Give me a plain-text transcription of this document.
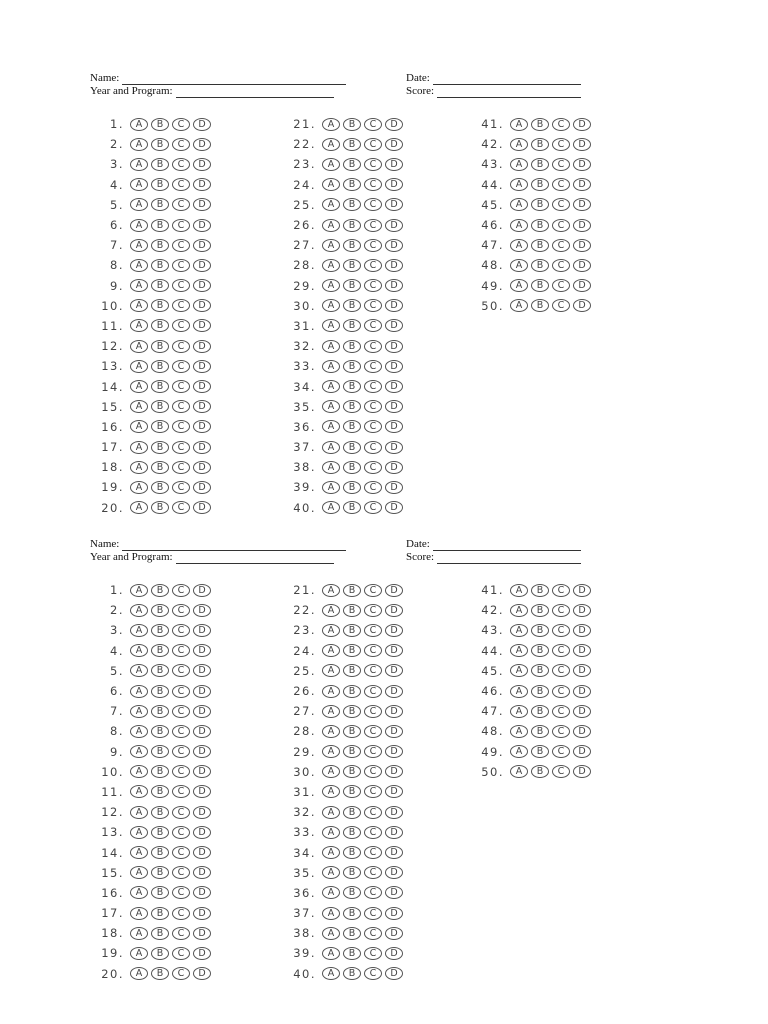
Name:
Year and Program:
Date:
Score:
1.	A	B	C	D
2.	A	B	C	D
3.	A	B	C	D
4.	A	B	C	D
5.	A	B	C	D
6.	A	B	C	D
7.	A	B	C	D
8.	A	B	C	D
9.	A	B	C	D
10.	A	B	C	D
11.	A	B	C	D
12.	A	B	C	D
13.	A	B	C	D
14.	A	B	C	D
15.	A	B	C	D
16.	A	B	C	D
17.	A	B	C	D
18.	A	B	C	D
19.	A	B	C	D
20.	A	B	C	D
21.	A	B	C	D
22.	A	B	C	D
23.	A	B	C	D
24.	A	B	C	D
25.	A	B	C	D
26.	A	B	C	D
27.	A	B	C	D
28.	A	B	C	D
29.	A	B	C	D
30.	A	B	C	D
31.	A	B	C	D
32.	A	B	C	D
33.	A	B	C	D
34.	A	B	C	D
35.	A	B	C	D
36.	A	B	C	D
37.	A	B	C	D
38.	A	B	C	D
39.	A	B	C	D
40.	A	B	C	D
41.	A	B	C	D
42.	A	B	C	D
43.	A	B	C	D
44.	A	B	C	D
45.	A	B	C	D
46.	A	B	C	D
47.	A	B	C	D
48.	A	B	C	D
49.	A	B	C	D
50.	A	B	C	D
Name:
Year and Program:
Date:
Score:
1.	A	B	C	D
2.	A	B	C	D
3.	A	B	C	D
4.	A	B	C	D
5.	A	B	C	D
6.	A	B	C	D
7.	A	B	C	D
8.	A	B	C	D
9.	A	B	C	D
10.	A	B	C	D
11.	A	B	C	D
12.	A	B	C	D
13.	A	B	C	D
14.	A	B	C	D
15.	A	B	C	D
16.	A	B	C	D
17.	A	B	C	D
18.	A	B	C	D
19.	A	B	C	D
20.	A	B	C	D
21.	A	B	C	D
22.	A	B	C	D
23.	A	B	C	D
24.	A	B	C	D
25.	A	B	C	D
26.	A	B	C	D
27.	A	B	C	D
28.	A	B	C	D
29.	A	B	C	D
30.	A	B	C	D
31.	A	B	C	D
32.	A	B	C	D
33.	A	B	C	D
34.	A	B	C	D
35.	A	B	C	D
36.	A	B	C	D
37.	A	B	C	D
38.	A	B	C	D
39.	A	B	C	D
40.	A	B	C	D
41.	A	B	C	D
42.	A	B	C	D
43.	A	B	C	D
44.	A	B	C	D
45.	A	B	C	D
46.	A	B	C	D
47.	A	B	C	D
48.	A	B	C	D
49.	A	B	C	D
50.	A	B	C	D
